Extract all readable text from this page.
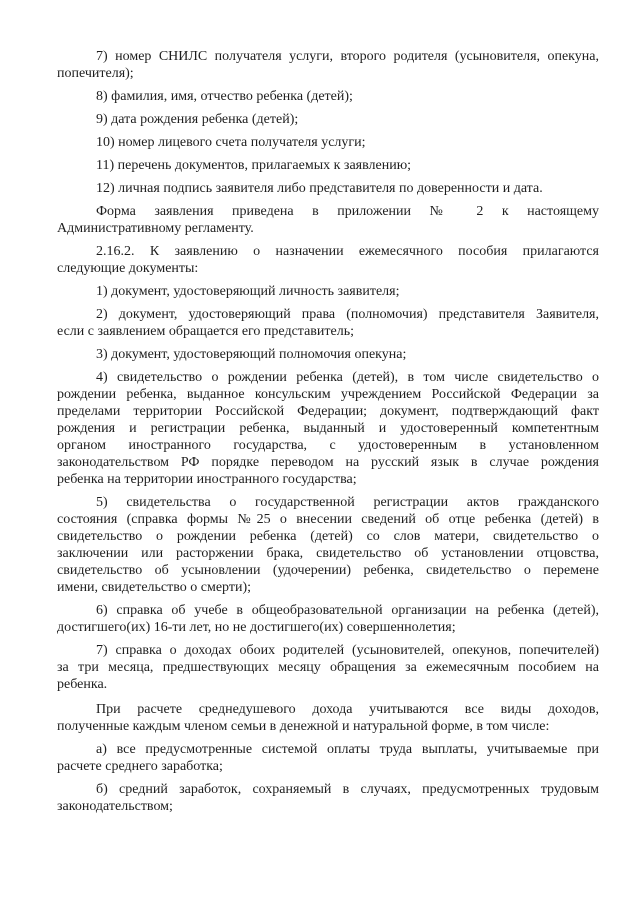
7) номер СНИЛС получателя услуги, второго родителя (усыновителя, опекуна,
попечителя);
8) фамилия, имя, отчество ребенка (детей);
9) дата рождения ребенка (детей);
10) номер лицевого счета получателя услуги;
11) перечень документов, прилагаемых к заявлению;
12) личная подпись заявителя либо представителя по доверенности и дата.
Форма заявления приведена в приложении № 2 к настоящему
Административному регламенту.
2.16.2. К заявлению о назначении ежемесячного пособия прилагаются
следующие документы:
1) документ, удостоверяющий личность заявителя;
2) документ, удостоверяющий права (полномочия) представителя Заявителя,
если с заявлением обращается его представитель;
3) документ, удостоверяющий полномочия опекуна;
4) свидетельство о рождении ребенка (детей), в том числе свидетельство о
рождении ребенка, выданное консульским учреждением Российской Федерации за
пределами территории Российской Федерации; документ, подтверждающий факт
рождения и регистрации ребенка, выданный и удостоверенный компетентным
органом иностранного государства, с удостоверенным в установленном
законодательством РФ порядке переводом на русский язык в случае рождения
ребенка на территории иностранного государства;
5) свидетельства о государственной регистрации актов гражданского
состояния (справка формы №25 о внесении сведений об отце ребенка (детей) в
свидетельство о рождении ребенка (детей) со слов матери, свидетельство о
заключении или расторжении брака, свидетельство об установлении отцовства,
свидетельство об усыновлении (удочерении) ребенка, свидетельство о перемене
имени, свидетельство о смерти);
6) справка об учебе в общеобразовательной организации на ребенка (детей),
достигшего(их) 16-ти лет, но не достигшего(их) совершеннолетия;
7) справка о доходах обоих родителей (усыновителей, опекунов, попечителей)
за три месяца, предшествующих месяцу обращения за ежемесячным пособием на
ребенка.
При расчете среднедушевого дохода учитываются все виды доходов,
полученные каждым членом семьи в денежной и натуральной форме, в том числе:
а) все предусмотренные системой оплаты труда выплаты, учитываемые при
расчете среднего заработка;
б) средний заработок, сохраняемый в случаях, предусмотренных трудовым
законодательством;
